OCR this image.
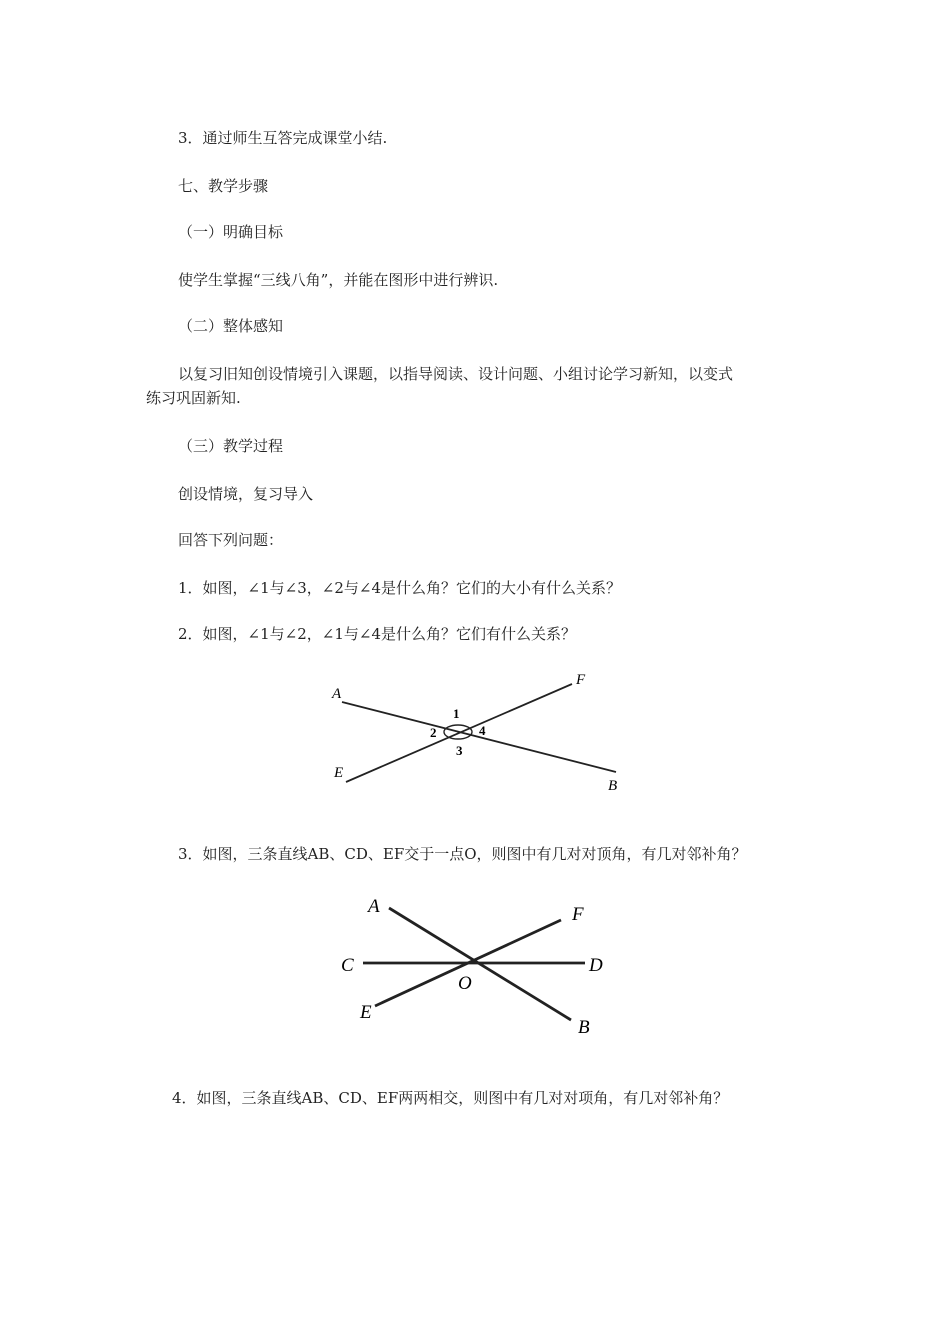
3．通过师生互答完成课堂小结.
七、教学步骤
（一）明确目标
使学生掌握“三线八角”，并能在图形中进行辨识.
（二）整体感知
以复习旧知创设情境引入课题，以指导阅读、设计问题、小组讨论学习新知，以变式
练习巩固新知.
（三）教学过程
创设情境，复习导入
回答下列问题：
1．如图，∠1与∠3，∠2与∠4是什么角？它们的大小有什么关系？
2．如图，∠1与∠2，∠1与∠4是什么角？它们有什么关系？
A
B
E
F
1
2
3
4
3．如图，三条直线AB、CD、EF交于一点O，则图中有几对对顶角，有几对邻补角？
A
B
C	D
E
F
O
4．如图，三条直线AB、CD、EF两两相交，则图中有几对对项角，有几对邻补角？
